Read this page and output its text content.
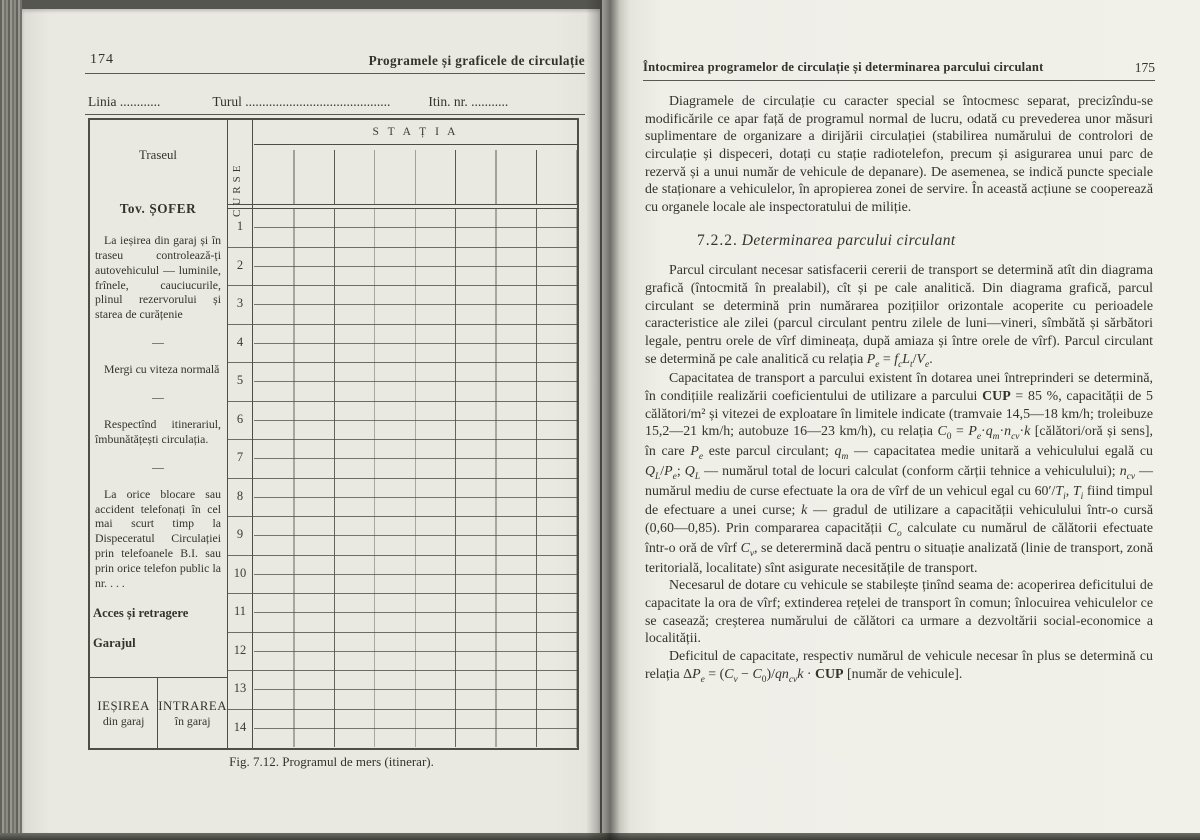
174	Programele și graficele de circulație
Linia ............	Turul ...........................................	Itin. nr. ...........
Traseul
Tov. ȘOFER

La ieșirea din garaj și în traseu controlează-ți autovehiculul — luminile, frînele, cauciucurile, plinul rezervorului și starea de curățenie

—

Mergi cu viteza normală

—

Respectînd itinerariul, îmbunătățești circulația.

—

La orice blocare sau accident telefonați în cel mai scurt timp la Dispeceratul Circulației prin telefoanele B.I. sau prin orice telefon public la nr. . . .

Acces și retragere
Garajul
IEȘIREA
din garaj
INTRAREA
în garaj
CURSE
S T A Ț I A
1
2
3
4
5
6
7
8
9
10
11
12
13
14
Fig. 7.12. Programul de mers (itinerar).
Întocmirea programelor de circulație și determinarea parcului circulant	175

Diagramele de circulație cu caracter special se întocmesc separat, precizîndu-se modificările ce apar față de programul normal de lucru, odată cu prevederea unor măsuri suplimentare de organizare a dirijării circulației (stabilirea numărului de controlori de circulație și dispeceri, dotați cu stație radiotelefon, precum și asigurarea unui parc de rezervă și a unui număr de vehicule de depanare). De asemenea, se indică puncte speciale de staționare a vehiculelor, în apropierea zonei de servire. În această acțiune se cooperează cu organele locale ale inspectoratului de miliție.

7.2.2. Determinarea parcului circulant

Parcul circulant necesar satisfacerii cererii de transport se determină atît din diagrama grafică (întocmită în prealabil), cît și pe cale analitică. Din diagrama grafică, parcul circulant se determină prin numărarea pozițiilor orizontale acoperite cu perioadele caracteristice ale zilei (parcul circulant pentru zilele de luni—vineri, sîmbătă și sărbători legale, pentru orele de vîrf dimineața, după amiaza și între orele de vîrf). Parcul circulant se determină pe cale analitică cu relația $P_e = f_cL_t/V_e$.

Capacitatea de transport a parcului existent în dotarea unei întreprinderi se determină, în condițiile realizării coeficientului de utilizare a parcului CUP = 85 %, capacității de 5 călători/m² și vitezei de exploatare în limitele indicate (tramvaie 14,5—18 km/h; troleibuze 15,2—21 km/h; autobuze 16—23 km/h), cu relația $C_0 = P_e\cdot q_m\cdot n_{cv}\cdot k$ [călători/oră și sens], în care $P_e$ este parcul circulant; $q_m$ — capacitatea medie unitară a vehiculului egală cu $Q_L/P_e$; $Q_L$ — numărul total de locuri calculat (conform cărții tehnice a vehiculului); $n_{cv}$ — numărul mediu de curse efectuate la ora de vîrf de un vehicul egal cu $60'/T_i$, $T_i$ fiind timpul de efectuare a unei curse; k — gradul de utilizare a capacității vehiculului într-o cursă (0,60—0,85). Prin compararea capacității $C_o$ calculate cu numărul de călătorii efectuate într-o oră de vîrf $C_v$, se deterermină dacă pentru o situație analizată (linie de transport, zonă teritorială, localitate) sînt asigurate necesitățile de transport.

Necesarul de dotare cu vehicule se stabilește ținînd seama de: acoperirea deficitului de capacitate la ora de vîrf; extinderea rețelei de transport în comun; înlocuirea vehiculelor ce se casează; creșterea numărului de călători ca urmare a dezvoltării social-economice a localității.

Deficitul de capacitate, respectiv numărul de vehicule necesar în plus se determină cu relația $\Delta P_e = (C_v - C_0)/qn_{cv}k$ · CUP [număr de vehicule].
